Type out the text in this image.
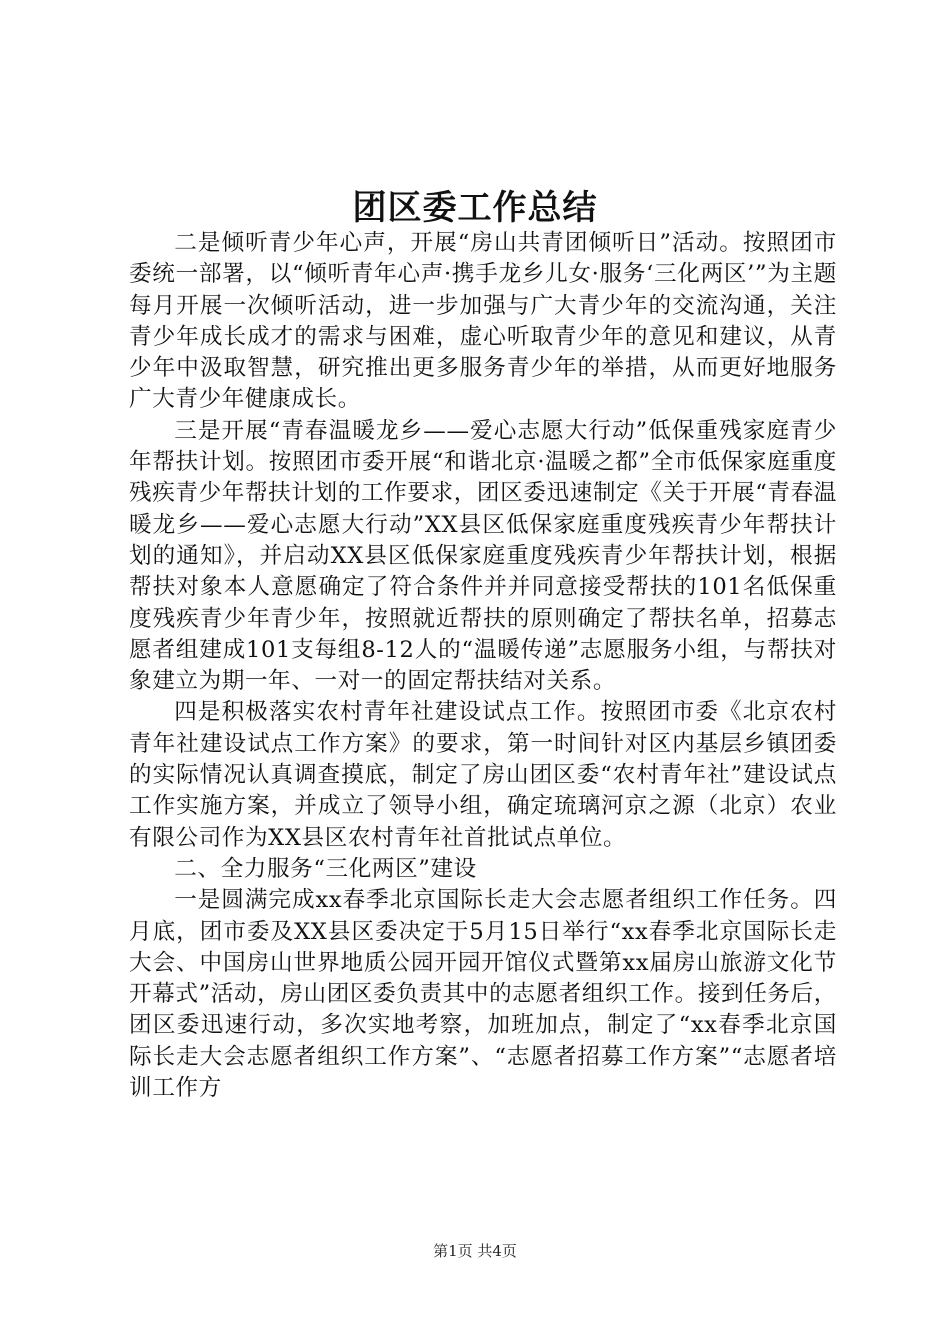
团区委工作总结

二是倾听青少年心声，开展“房山共青团倾听日”活动。按照团市委统一部署，以“倾听青年心声·携手龙乡儿女·服务‘三化两区’”为主题每月开展一次倾听活动，进一步加强与广大青少年的交流沟通，关注青少年成长成才的需求与困难，虚心听取青少年的意见和建议，从青少年中汲取智慧，研究推出更多服务青少年的举措，从而更好地服务广大青少年健康成长。

三是开展“青春温暖龙乡——爱心志愿大行动”低保重残家庭青少年帮扶计划。按照团市委开展“和谐北京·温暖之都”全市低保家庭重度残疾青少年帮扶计划的工作要求，团区委迅速制定《关于开展“青春温暖龙乡——爱心志愿大行动”XX县区低保家庭重度残疾青少年帮扶计划的通知》，并启动XX县区低保家庭重度残疾青少年帮扶计划，根据帮扶对象本人意愿确定了符合条件并并同意接受帮扶的101名低保重度残疾青少年青少年，按照就近帮扶的原则确定了帮扶名单，招募志愿者组建成101支每组8-12人的“温暖传递”志愿服务小组，与帮扶对象建立为期一年、一对一的固定帮扶结对关系。

四是积极落实农村青年社建设试点工作。按照团市委《北京农村青年社建设试点工作方案》的要求，第一时间针对区内基层乡镇团委的实际情况认真调查摸底，制定了房山团区委“农村青年社”建设试点工作实施方案，并成立了领导小组，确定琉璃河京之源（北京）农业有限公司作为XX县区农村青年社首批试点单位。

二、全力服务“三化两区”建设

一是圆满完成xx春季北京国际长走大会志愿者组织工作任务。四月底，团市委及XX县区委决定于5月15日举行“xx春季北京国际长走大会、中国房山世界地质公园开园开馆仪式暨第xx届房山旅游文化节开幕式”活动，房山团区委负责其中的志愿者组织工作。接到任务后，团区委迅速行动，多次实地考察，加班加点，制定了“xx春季北京国际长走大会志愿者组织工作方案”、“志愿者招募工作方案”“志愿者培训工作方

第1页 共4页
